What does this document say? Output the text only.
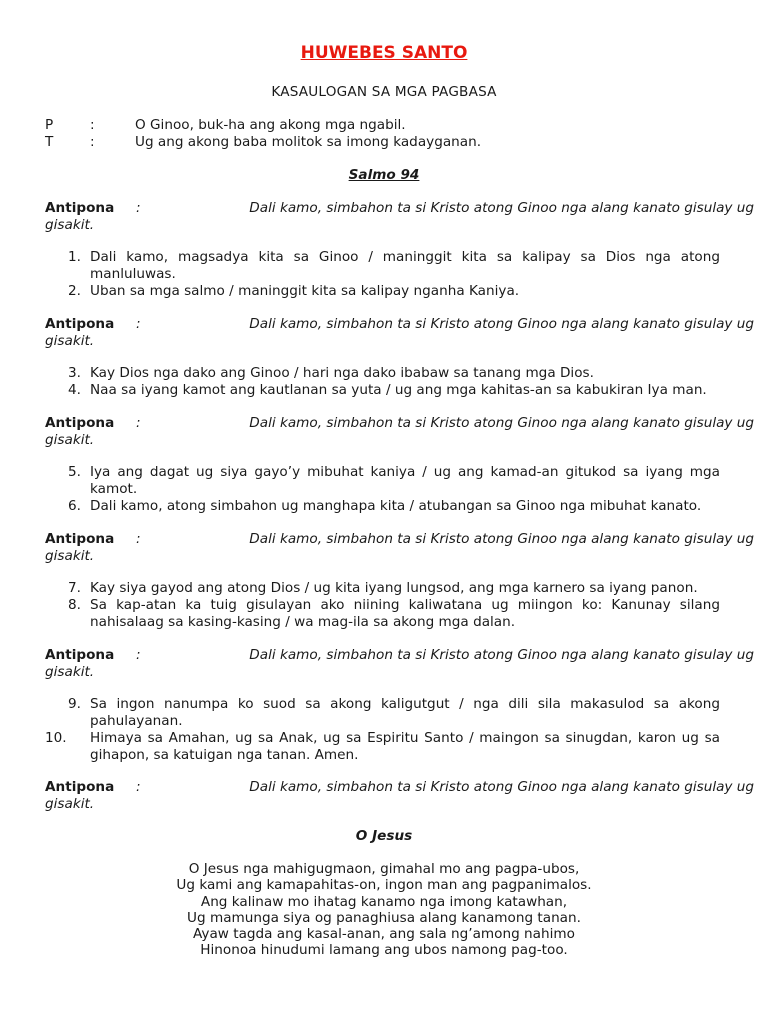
HUWEBES SANTO
KASAULOGAN SA MGA PAGBASA
P	:	O Ginoo, buk-ha ang akong mga ngabil.
T	:	Ug ang akong baba molitok sa imong kadayganan.
Salmo 94
Antipona :	Dali kamo, simbahon ta si Kristo atong Ginoo nga alang kanato gisulay ug
gisakit.
1. Dali kamo, magsadya kita sa Ginoo / maninggit kita sa kalipay sa Dios nga atong manluluwas.
2. Uban sa mga salmo / maninggit kita sa kalipay nganha Kaniya.
Antipona :	Dali kamo, simbahon ta si Kristo atong Ginoo nga alang kanato gisulay ug
gisakit.
3. Kay Dios nga dako ang Ginoo / hari nga dako ibabaw sa tanang mga Dios.
4. Naa sa iyang kamot ang kautlanan sa yuta / ug ang mga kahitas-an sa kabukiran Iya man.
Antipona :	Dali kamo, simbahon ta si Kristo atong Ginoo nga alang kanato gisulay ug
gisakit.
5. Iya ang dagat ug siya gayo’y mibuhat kaniya / ug ang kamad-an gitukod sa iyang mga kamot.
6. Dali kamo, atong simbahon ug manghapa kita / atubangan sa Ginoo nga mibuhat kanato.
Antipona :	Dali kamo, simbahon ta si Kristo atong Ginoo nga alang kanato gisulay ug
gisakit.
7. Kay siya gayod ang atong Dios / ug kita iyang lungsod, ang mga karnero sa iyang panon.
8. Sa kap-atan ka tuig gisulayan ako niining kaliwatana ug miingon ko: Kanunay silang nahisalaag sa kasing-kasing / wa mag-ila sa akong mga dalan.
Antipona :	Dali kamo, simbahon ta si Kristo atong Ginoo nga alang kanato gisulay ug
gisakit.
9. Sa ingon nanumpa ko suod sa akong kaligutgut / nga dili sila makasulod sa akong pahulayanan.
10.	Himaya sa Amahan, ug sa Anak, ug sa Espiritu Santo / maingon sa sinugdan, karon ug sa gihapon, sa katuigan nga tanan. Amen.
Antipona :	Dali kamo, simbahon ta si Kristo atong Ginoo nga alang kanato gisulay ug
gisakit.
O Jesus
O Jesus nga mahigugmaon, gimahal mo ang pagpa-ubos,
Ug kami ang kamapahitas-on, ingon man ang pagpanimalos.
Ang kalinaw mo ihatag kanamo nga imong katawhan,
Ug mamunga siya og panaghiusa alang kanamong tanan.
Ayaw tagda ang kasal-anan, ang sala ng’among nahimo
Hinonoa hinudumi lamang ang ubos namong pag-too.
